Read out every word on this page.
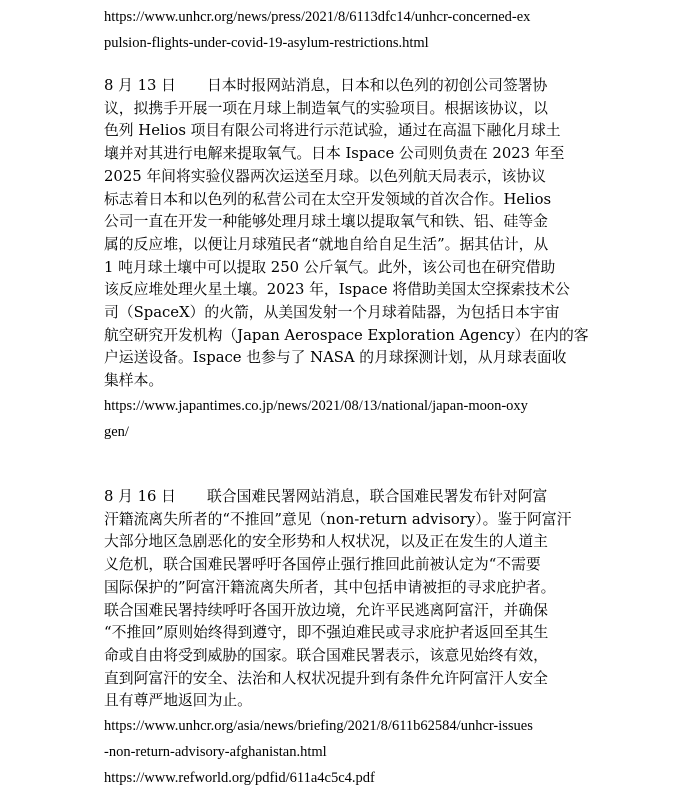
https://www.unhcr.org/news/press/2021/8/6113dfc14/unhcr-concerned-ex

pulsion-flights-under-covid-19-asylum-restrictions.html

8 月 13 日 日本时报网站消息，日本和以色列的初创公司签署协

议，拟携手开展一项在月球上制造氧气的实验项目。根据该协议，以

色列 Helios 项目有限公司将进行示范试验，通过在高温下融化月球土

壤并对其进行电解来提取氧气。日本 Ispace 公司则负责在 2023 年至

2025 年间将实验仪器两次运送至月球。以色列航天局表示，该协议

标志着日本和以色列的私营公司在太空开发领域的首次合作。Helios

公司一直在开发一种能够处理月球土壤以提取氧气和铁、铝、硅等金

属的反应堆，以便让月球殖民者“就地自给自足生活”。据其估计，从

1 吨月球土壤中可以提取 250 公斤氧气。此外，该公司也在研究借助

该反应堆处理火星土壤。2023 年，Ispace 将借助美国太空探索技术公

司（SpaceX）的火箭，从美国发射一个月球着陆器，为包括日本宇宙

航空研究开发机构（Japan Aerospace Exploration Agency）在内的客

户运送设备。Ispace 也参与了 NASA 的月球探测计划，从月球表面收

集样本。

https://www.japantimes.co.jp/news/2021/08/13/national/japan-moon-oxy

gen/

8 月 16 日 联合国难民署网站消息，联合国难民署发布针对阿富

汗籍流离失所者的“不推回”意见（non-return advisory）。鉴于阿富汗

大部分地区急剧恶化的安全形势和人权状况，以及正在发生的人道主

义危机，联合国难民署呼吁各国停止强行推回此前被认定为“不需要

国际保护的”阿富汗籍流离失所者，其中包括申请被拒的寻求庇护者。

联合国难民署持续呼吁各国开放边境，允许平民逃离阿富汗，并确保

“不推回”原则始终得到遵守，即不强迫难民或寻求庇护者返回至其生

命或自由将受到威胁的国家。联合国难民署表示，该意见始终有效，

直到阿富汗的安全、法治和人权状况提升到有条件允许阿富汗人安全

且有尊严地返回为止。

https://www.unhcr.org/asia/news/briefing/2021/8/611b62584/unhcr-issues

-non-return-advisory-afghanistan.html

https://www.refworld.org/pdfid/611a4c5c4.pdf
